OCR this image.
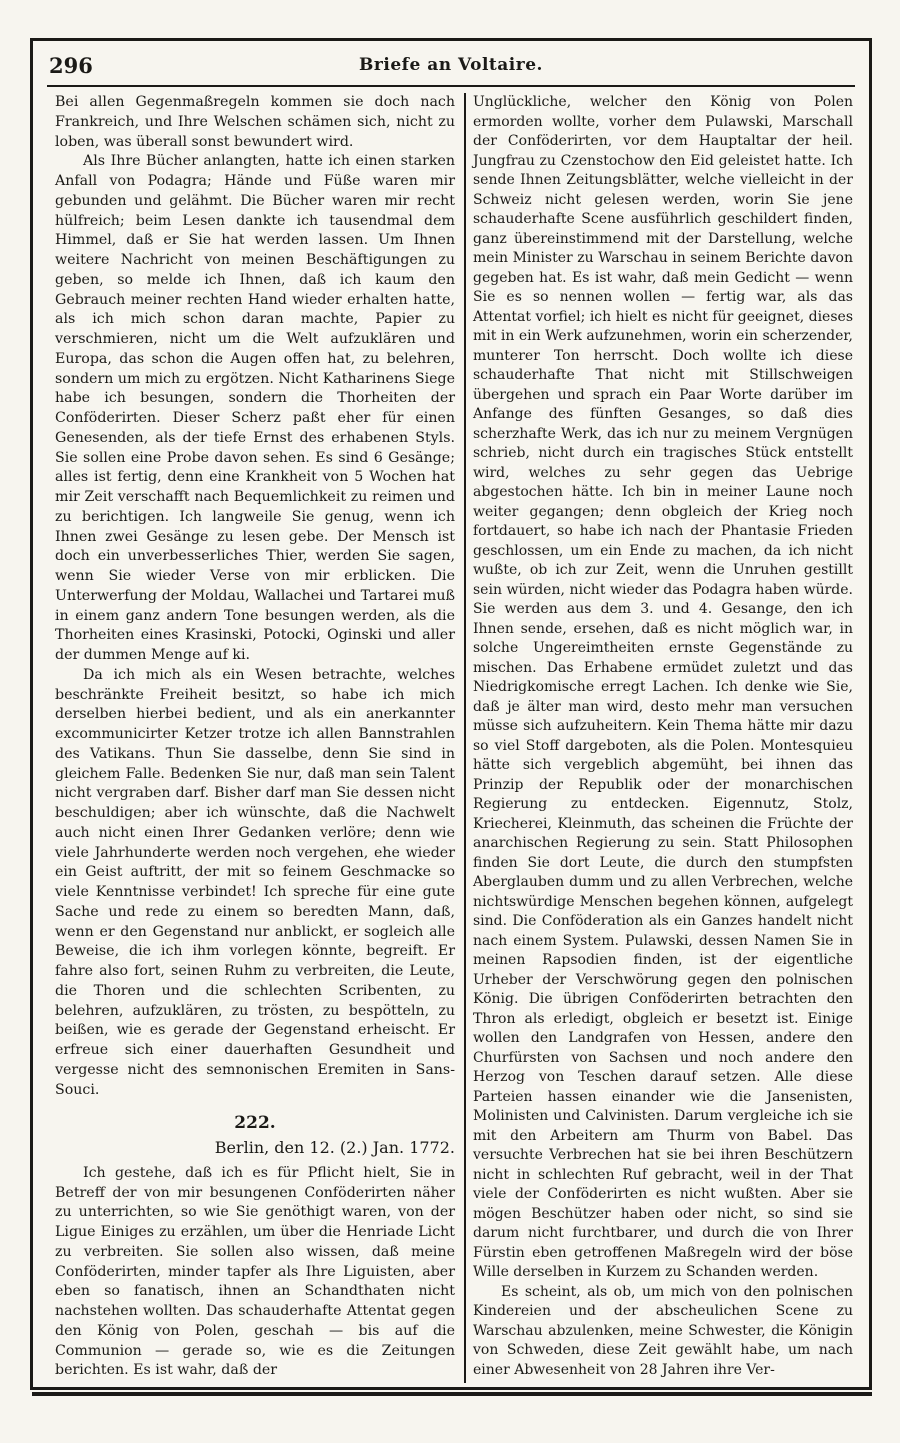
296	Briefe an Voltaire.

Bei allen Gegenmaßregeln kommen sie doch nach Frankreich, und Ihre Welschen schämen sich, nicht zu loben, was überall sonst bewundert wird.

Als Ihre Bücher anlangten, hatte ich einen starken Anfall von Podagra; Hände und Füße waren mir gebunden und gelähmt. Die Bücher waren mir recht hülfreich; beim Lesen dankte ich tausendmal dem Himmel, daß er Sie hat werden lassen. Um Ihnen weitere Nachricht von meinen Beschäftigungen zu geben, so melde ich Ihnen, daß ich kaum den Gebrauch meiner rechten Hand wieder erhalten hatte, als ich mich schon daran machte, Papier zu verschmieren, nicht um die Welt aufzuklären und Europa, das schon die Augen offen hat, zu belehren, sondern um mich zu ergötzen. Nicht Katharinens Siege habe ich besungen, sondern die Thorheiten der Conföderirten. Dieser Scherz paßt eher für einen Genesenden, als der tiefe Ernst des erhabenen Styls. Sie sollen eine Probe davon sehen. Es sind 6 Gesänge; alles ist fertig, denn eine Krankheit von 5 Wochen hat mir Zeit verschafft nach Bequemlichkeit zu reimen und zu berichtigen. Ich langweile Sie genug, wenn ich Ihnen zwei Gesänge zu lesen gebe. Der Mensch ist doch ein unverbesserliches Thier, werden Sie sagen, wenn Sie wieder Verse von mir erblicken. Die Unterwerfung der Moldau, Wallachei und Tartarei muß in einem ganz andern Tone besungen werden, als die Thorheiten eines Krasinski, Potocki, Oginski und aller der dummen Menge auf ki.

Da ich mich als ein Wesen betrachte, welches beschränkte Freiheit besitzt, so habe ich mich derselben hierbei bedient, und als ein anerkannter excommunicirter Ketzer trotze ich allen Bannstrahlen des Vatikans. Thun Sie dasselbe, denn Sie sind in gleichem Falle. Bedenken Sie nur, daß man sein Talent nicht vergraben darf. Bisher darf man Sie dessen nicht beschuldigen; aber ich wünschte, daß die Nachwelt auch nicht einen Ihrer Gedanken verlöre; denn wie viele Jahrhunderte werden noch vergehen, ehe wieder ein Geist auftritt, der mit so feinem Geschmacke so viele Kenntnisse verbindet! Ich spreche für eine gute Sache und rede zu einem so beredten Mann, daß, wenn er den Gegenstand nur anblickt, er sogleich alle Beweise, die ich ihm vorlegen könnte, begreift. Er fahre also fort, seinen Ruhm zu verbreiten, die Leute, die Thoren und die schlechten Scribenten, zu belehren, aufzuklären, zu trösten, zu bespötteln, zu beißen, wie es gerade der Gegenstand erheischt. Er erfreue sich einer dauerhaften Gesundheit und vergesse nicht des semnonischen Eremiten in Sans-Souci.

222.
Berlin, den 12. (2.) Jan. 1772.

Ich gestehe, daß ich es für Pflicht hielt, Sie in Betreff der von mir besungenen Conföderirten näher zu unterrichten, so wie Sie genöthigt waren, von der Ligue Einiges zu erzählen, um über die Henriade Licht zu verbreiten. Sie sollen also wissen, daß meine Conföderirten, minder tapfer als Ihre Liguisten, aber eben so fanatisch, ihnen an Schandthaten nicht nachstehen wollten. Das schauderhafte Attentat gegen den König von Polen, geschah — bis auf die Communion — gerade so, wie es die Zeitungen berichten. Es ist wahr, daß der

Unglückliche, welcher den König von Polen ermorden wollte, vorher dem Pulawski, Marschall der Conföderirten, vor dem Hauptaltar der heil. Jungfrau zu Czenstochow den Eid geleistet hatte. Ich sende Ihnen Zeitungsblätter, welche vielleicht in der Schweiz nicht gelesen werden, worin Sie jene schauderhafte Scene ausführlich geschildert finden, ganz übereinstimmend mit der Darstellung, welche mein Minister zu Warschau in seinem Berichte davon gegeben hat. Es ist wahr, daß mein Gedicht — wenn Sie es so nennen wollen — fertig war, als das Attentat vorfiel; ich hielt es nicht für geeignet, dieses mit in ein Werk aufzunehmen, worin ein scherzender, munterer Ton herrscht. Doch wollte ich diese schauderhafte That nicht mit Stillschweigen übergehen und sprach ein Paar Worte darüber im Anfange des fünften Gesanges, so daß dies scherzhafte Werk, das ich nur zu meinem Vergnügen schrieb, nicht durch ein tragisches Stück entstellt wird, welches zu sehr gegen das Uebrige abgestochen hätte. Ich bin in meiner Laune noch weiter gegangen; denn obgleich der Krieg noch fortdauert, so habe ich nach der Phantasie Frieden geschlossen, um ein Ende zu machen, da ich nicht wußte, ob ich zur Zeit, wenn die Unruhen gestillt sein würden, nicht wieder das Podagra haben würde. Sie werden aus dem 3. und 4. Gesange, den ich Ihnen sende, ersehen, daß es nicht möglich war, in solche Ungereimtheiten ernste Gegenstände zu mischen. Das Erhabene ermüdet zuletzt und das Niedrigkomische erregt Lachen. Ich denke wie Sie, daß je älter man wird, desto mehr man versuchen müsse sich aufzuheitern. Kein Thema hätte mir dazu so viel Stoff dargeboten, als die Polen. Montesquieu hätte sich vergeblich abgemüht, bei ihnen das Prinzip der Republik oder der monarchischen Regierung zu entdecken. Eigennutz, Stolz, Kriecherei, Kleinmuth, das scheinen die Früchte der anarchischen Regierung zu sein. Statt Philosophen finden Sie dort Leute, die durch den stumpfsten Aberglauben dumm und zu allen Verbrechen, welche nichtswürdige Menschen begehen können, aufgelegt sind. Die Conföderation als ein Ganzes handelt nicht nach einem System. Pulawski, dessen Namen Sie in meinen Rapsodien finden, ist der eigentliche Urheber der Verschwörung gegen den polnischen König. Die übrigen Conföderirten betrachten den Thron als erledigt, obgleich er besetzt ist. Einige wollen den Landgrafen von Hessen, andere den Churfürsten von Sachsen und noch andere den Herzog von Teschen darauf setzen. Alle diese Parteien hassen einander wie die Jansenisten, Molinisten und Calvinisten. Darum vergleiche ich sie mit den Arbeitern am Thurm von Babel. Das versuchte Verbrechen hat sie bei ihren Beschützern nicht in schlechten Ruf gebracht, weil in der That viele der Conföderirten es nicht wußten. Aber sie mögen Beschützer haben oder nicht, so sind sie darum nicht furchtbarer, und durch die von Ihrer Fürstin eben getroffenen Maßregeln wird der böse Wille derselben in Kurzem zu Schanden werden.

Es scheint, als ob, um mich von den polnischen Kindereien und der abscheulichen Scene zu Warschau abzulenken, meine Schwester, die Königin von Schweden, diese Zeit gewählt habe, um nach einer Abwesenheit von 28 Jahren ihre Ver-
